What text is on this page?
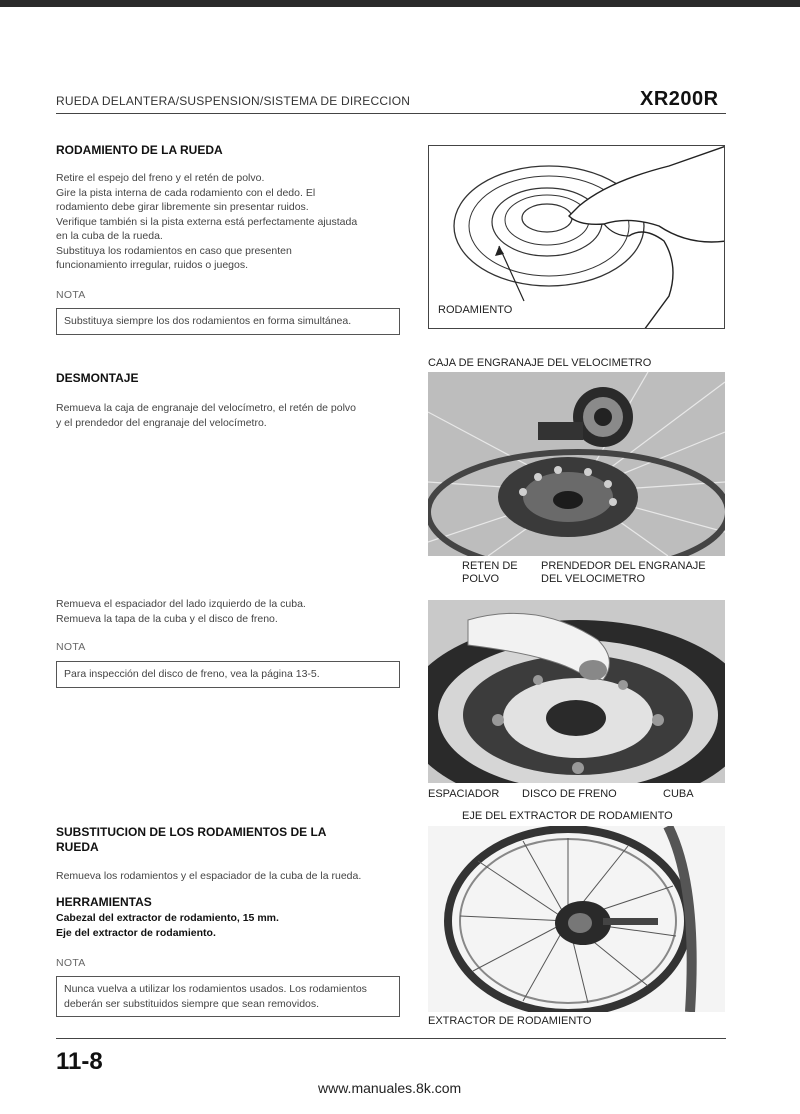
RUEDA DELANTERA/SUSPENSION/SISTEMA DE DIRECCION	XR200R
RODAMIENTO DE LA RUEDA
Retire el espejo del freno y el retén de polvo.
Gire la pista interna de cada rodamiento con el dedo. El
rodamiento debe girar libremente sin presentar ruidos.
Verifique también si la pista externa está perfectamente ajustada
en la cuba de la rueda.
Substituya los rodamientos en caso que presenten
funcionamiento irregular, ruidos o juegos.
NOTA
Substituya siempre los dos rodamientos en forma simultánea.
RODAMIENTO
DESMONTAJE
Remueva la caja de engranaje del velocímetro, el retén de polvo
y el prendedor del engranaje del velocímetro.
CAJA DE ENGRANAJE DEL VELOCIMETRO
RETEN DE
POLVO
PRENDEDOR DEL ENGRANAJE
DEL VELOCIMETRO
Remueva el espaciador del lado izquierdo de la cuba.
Remueva la tapa de la cuba y el disco de freno.
NOTA
Para inspección del disco de freno, vea la página 13-5.
ESPACIADOR DISCO DE FRENO	CUBA
SUBSTITUCION DE LOS RODAMIENTOS DE LA
RUEDA
Remueva los rodamientos y el espaciador de la cuba de la rueda.
HERRAMIENTAS
Cabezal del extractor de rodamiento, 15 mm.
Eje del extractor de rodamiento.
NOTA
Nunca vuelva a utilizar los rodamientos usados. Los rodamientos
deberán ser substituidos siempre que sean removidos.
EJE DEL EXTRACTOR DE RODAMIENTO
EXTRACTOR DE RODAMIENTO
11-8
www.manuales.8k.com
